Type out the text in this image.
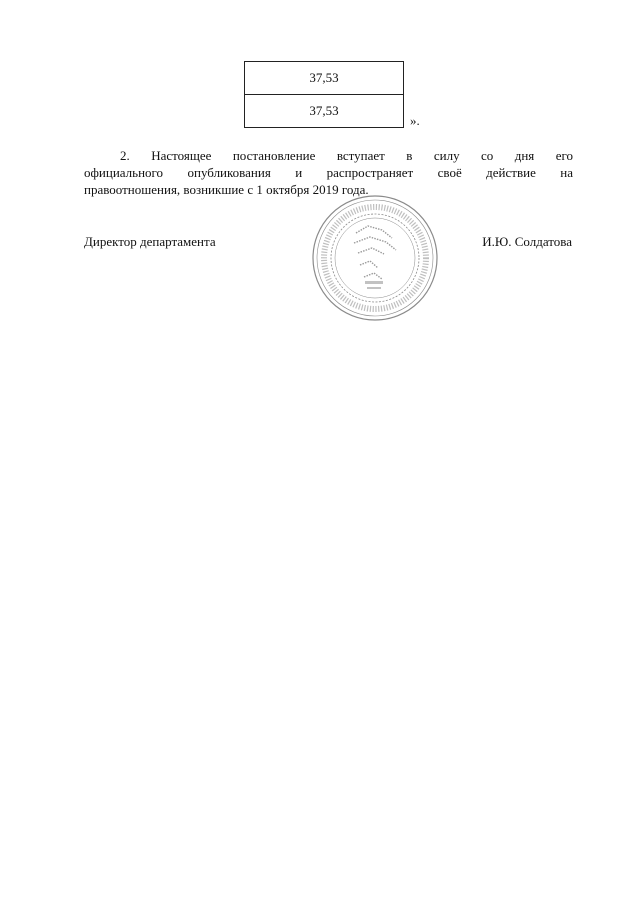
37,53
37,53
».
2. Настоящее постановление вступает в силу со дня его
официального опубликования и распространяет своё действие на
правоотношения, возникшие с 1 октября 2019 года.
Директор департамента	И.Ю. Солдатова
